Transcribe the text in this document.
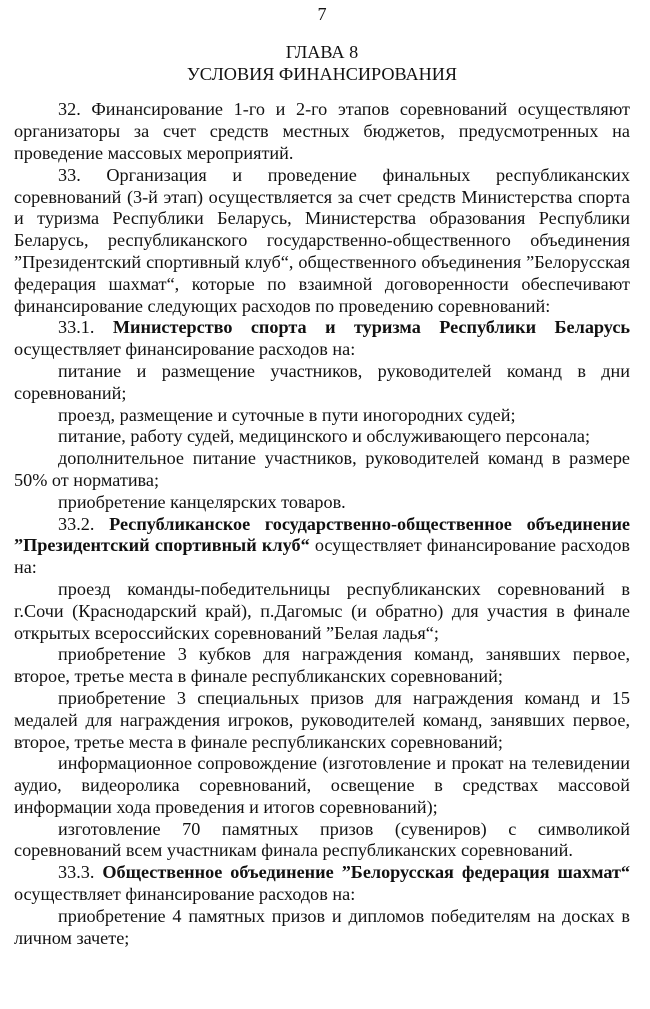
7
ГЛАВА 8
УСЛОВИЯ ФИНАНСИРОВАНИЯ

32. Финансирование 1-го и 2-го этапов соревнований осуществляют организаторы за счет средств местных бюджетов, предусмотренных на проведение массовых мероприятий.

33. Организация и проведение финальных республиканских соревнований (3-й этап) осуществляется за счет средств Министерства спорта и туризма Республики Беларусь, Министерства образования Республики Беларусь, республиканского государственно-общественного объединения ”Президентский спортивный клуб“, общественного объединения ”Белорусская федерация шахмат“, которые по взаимной договоренности обеспечивают финансирование следующих расходов по проведению соревнований:

33.1. Министерство спорта и туризма Республики Беларусь осуществляет финансирование расходов на:

питание и размещение участников, руководителей команд в дни соревнований;

проезд, размещение и суточные в пути иногородних судей;

питание, работу судей, медицинского и обслуживающего персонала;

дополнительное питание участников, руководителей команд в размере 50% от норматива;

приобретение канцелярских товаров.

33.2. Республиканское государственно-общественное объединение ”Президентский спортивный клуб“ осуществляет финансирование расходов на:

проезд команды-победительницы республиканских соревнований в г.Сочи (Краснодарский край), п.Дагомыс (и обратно) для участия в финале открытых всероссийских соревнований ”Белая ладья“;

приобретение 3 кубков для награждения команд, занявших первое, второе, третье места в финале республиканских соревнований;

приобретение 3 специальных призов для награждения команд и 15 медалей для награждения игроков, руководителей команд, занявших первое, второе, третье места в финале республиканских соревнований;

информационное сопровождение (изготовление и прокат на телевидении аудио, видеоролика соревнований, освещение в средствах массовой информации хода проведения и итогов соревнований);

изготовление 70 памятных призов (сувениров) с символикой соревнований всем участникам финала республиканских соревнований.

33.3. Общественное объединение ”Белорусская федерация шахмат“ осуществляет финансирование расходов на:

приобретение 4 памятных призов и дипломов победителям на досках в личном зачете;
